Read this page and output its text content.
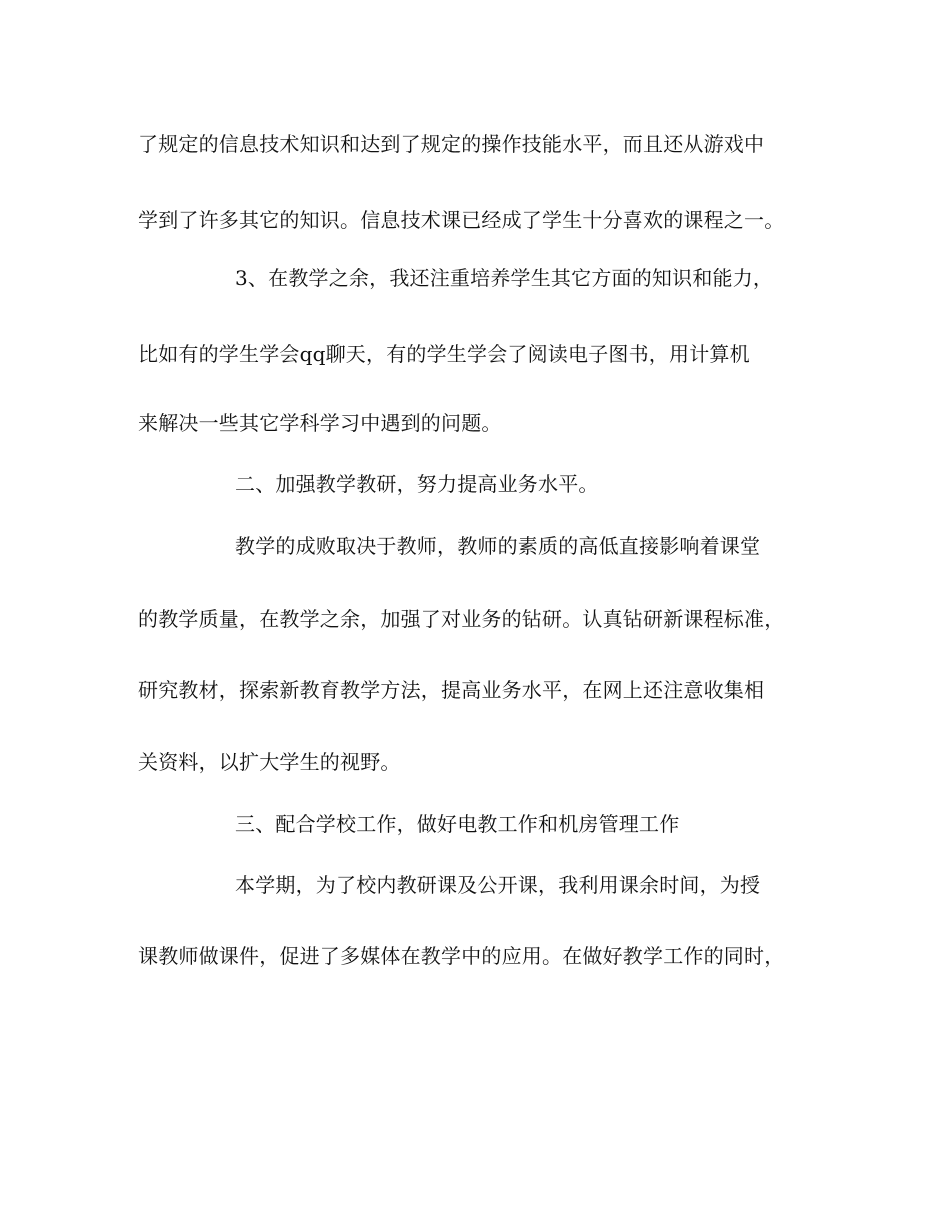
了规定的信息技术知识和达到了规定的操作技能水平，而且还从游戏中
学到了许多其它的知识。信息技术课已经成了学生十分喜欢的课程之一。
3、在教学之余，我还注重培养学生其它方面的知识和能力，
比如有的学生学会qq聊天，有的学生学会了阅读电子图书，用计算机
来解决一些其它学科学习中遇到的问题。
二、加强教学教研，努力提高业务水平。
教学的成败取决于教师，教师的素质的高低直接影响着课堂
的教学质量，在教学之余，加强了对业务的钻研。认真钻研新课程标准，
研究教材，探索新教育教学方法，提高业务水平，在网上还注意收集相
关资料，以扩大学生的视野。
三、配合学校工作，做好电教工作和机房管理工作
本学期，为了校内教研课及公开课，我利用课余时间，为授
课教师做课件，促进了多媒体在教学中的应用。在做好教学工作的同时，
